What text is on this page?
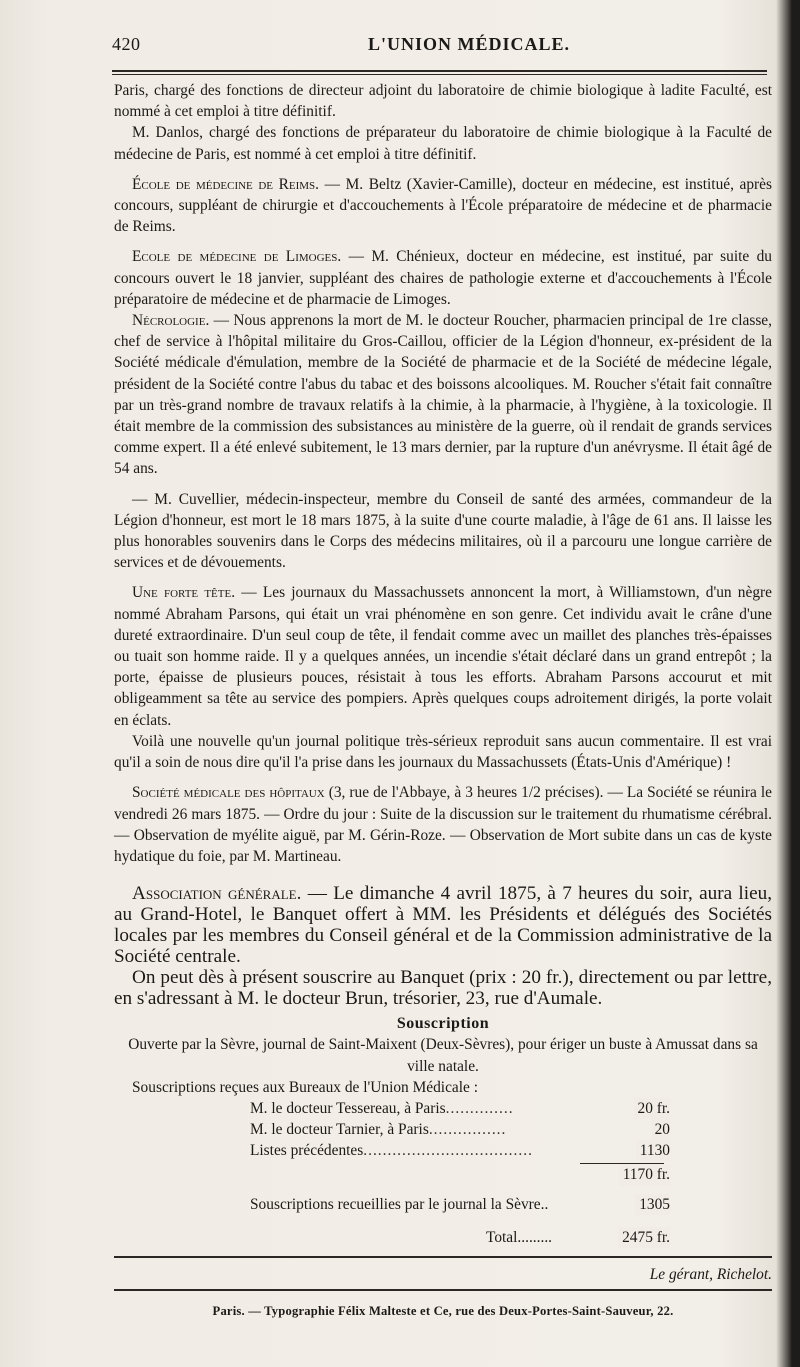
420	L'UNION MÉDICALE.

Paris, chargé des fonctions de directeur adjoint du laboratoire de chimie biologique à ladite Faculté, est nommé à cet emploi à titre définitif.

M. Danlos, chargé des fonctions de préparateur du laboratoire de chimie biologique à la Faculté de médecine de Paris, est nommé à cet emploi à titre définitif.

École de médecine de Reims. — M. Beltz (Xavier-Camille), docteur en médecine, est institué, après concours, suppléant de chirurgie et d'accouchements à l'École préparatoire de médecine et de pharmacie de Reims.

Ecole de médecine de Limoges. — M. Chénieux, docteur en médecine, est institué, par suite du concours ouvert le 18 janvier, suppléant des chaires de pathologie externe et d'accouchements à l'École préparatoire de médecine et de pharmacie de Limoges.

Nécrologie. — Nous apprenons la mort de M. le docteur Roucher, pharmacien principal de 1re classe, chef de service à l'hôpital militaire du Gros-Caillou, officier de la Légion d'honneur, ex-président de la Société médicale d'émulation, membre de la Société de pharmacie et de la Société de médecine légale, président de la Société contre l'abus du tabac et des boissons alcooliques. M. Roucher s'était fait connaître par un très-grand nombre de travaux relatifs à la chimie, à la pharmacie, à l'hygiène, à la toxicologie. Il était membre de la commission des subsistances au ministère de la guerre, où il rendait de grands services comme expert. Il a été enlevé subitement, le 13 mars dernier, par la rupture d'un anévrysme. Il était âgé de 54 ans.

— M. Cuvellier, médecin-inspecteur, membre du Conseil de santé des armées, commandeur de la Légion d'honneur, est mort le 18 mars 1875, à la suite d'une courte maladie, à l'âge de 61 ans. Il laisse les plus honorables souvenirs dans le Corps des médecins militaires, où il a parcouru une longue carrière de services et de dévouements.

Une forte tête. — Les journaux du Massachussets annoncent la mort, à Williamstown, d'un nègre nommé Abraham Parsons, qui était un vrai phénomène en son genre. Cet individu avait le crâne d'une dureté extraordinaire. D'un seul coup de tête, il fendait comme avec un maillet des planches très-épaisses ou tuait son homme raide. Il y a quelques années, un incendie s'était déclaré dans un grand entrepôt ; la porte, épaisse de plusieurs pouces, résistait à tous les efforts. Abraham Parsons accourut et mit obligeamment sa tête au service des pompiers. Après quelques coups adroitement dirigés, la porte volait en éclats.

Voilà une nouvelle qu'un journal politique très-sérieux reproduit sans aucun commentaire. Il est vrai qu'il a soin de nous dire qu'il l'a prise dans les journaux du Massachussets (États-Unis d'Amérique) !

Société médicale des hôpitaux (3, rue de l'Abbaye, à 3 heures 1/2 précises). — La Société se réunira le vendredi 26 mars 1875. — Ordre du jour : Suite de la discussion sur le traitement du rhumatisme cérébral. — Observation de myélite aiguë, par M. Gérin-Roze. — Observation de Mort subite dans un cas de kyste hydatique du foie, par M. Martineau.

Association générale. — Le dimanche 4 avril 1875, à 7 heures du soir, aura lieu, au Grand-Hotel, le Banquet offert à MM. les Présidents et délégués des Sociétés locales par les membres du Conseil général et de la Commission administrative de la Société centrale.

On peut dès à présent souscrire au Banquet (prix : 20 fr.), directement ou par lettre, en s'adressant à M. le docteur Brun, trésorier, 23, rue d'Aumale.

Souscription

Ouverte par la Sèvre, journal de Saint-Maixent (Deux-Sèvres), pour ériger un buste à Amussat dans sa ville natale.

Souscriptions reçues aux Bureaux de l'Union Médicale :

M. le docteur Tessereau, à Paris..............	20 fr.
M. le docteur Tarnier, à Paris................	20
Listes précédentes...................................	1130
1170 fr.
Souscriptions recueillies par le journal la Sèvre..	1305
Total.........	2475 fr.

Le gérant, Richelot.

Paris. — Typographie Félix Malteste et Ce, rue des Deux-Portes-Saint-Sauveur, 22.
